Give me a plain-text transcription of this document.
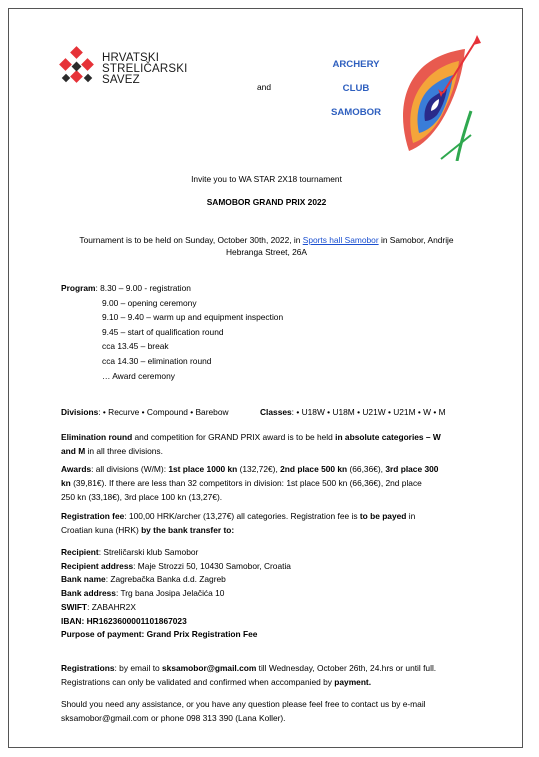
HRVATSKI
STRELIČARSKI
SAVEZ
and
ARCHERY
CLUB
SAMOBOR
Invite you to WA STAR 2X18 tournament
SAMOBOR GRAND PRIX 2022
Tournament is to be held on Sunday, October 30th, 2022, in Sports hall Samobor in Samobor, Andrije
Hebranga Street, 26A
Program: 8.30 – 9.00 - registration
9.00 – opening ceremony
9.10 – 9.40 – warm up and equipment inspection
9.45 – start of qualification round
cca 13.45 – break
cca 14.30 – elimination round
… Award ceremony
Divisions: • Recurve • Compound • Barebow	Classes: • U18W • U18M • U21W • U21M • W • M
Elimination round and competition for GRAND PRIX award is to be held in absolute categories – W
and M in all three divisions.
Awards: all divisions (W/M): 1st place 1000 kn (132,72€), 2nd place 500 kn (66,36€), 3rd place 300
kn (39,81€). If there are less than 32 competitors in division: 1st place 500 kn (66,36€), 2nd place
250 kn (33,18€), 3rd place 100 kn (13,27€).
Registration fee: 100,00 HRK/archer (13,27€) all categories. Registration fee is to be payed in
Croatian kuna (HRK) by the bank transfer to:
Recipient: Streličarski klub Samobor
Recipient address: Maje Strozzi 50, 10430 Samobor, Croatia
Bank name: Zagrebačka Banka d.d. Zagreb
Bank address: Trg bana Josipa Jelačića 10
SWIFT: ZABAHR2X
IBAN: HR1623600001101867023
Purpose of payment: Grand Prix Registration Fee
Registrations: by email to sksamobor@gmail.com till Wednesday, October 26th, 24.hrs or until full.
Registrations can only be validated and confirmed when accompanied by payment.
Should you need any assistance, or you have any question please feel free to contact us by e-mail
sksamobor@gmail.com or phone 098 313 390 (Lana Koller).
